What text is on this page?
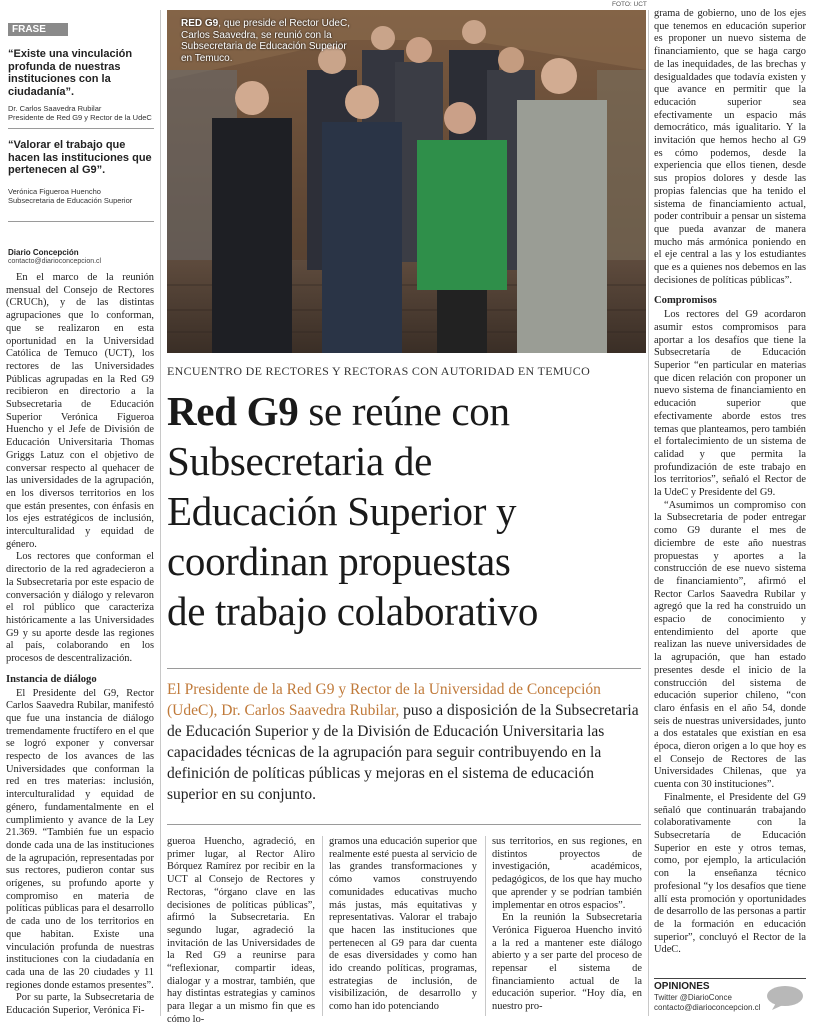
FRASE
“Existe una vinculación profunda de nuestras instituciones con la ciudadanía”.
Dr. Carlos Saavedra Rubilar
Presidente de Red G9 y Rector de la UdeC
“Valorar el trabajo que hacen las instituciones que pertenecen al G9”.
Verónica Figueroa Huencho
Subsecretaria de Educación Superior
Diario Concepción
contacto@diarioconcepcion.cl

En el marco de la reunión mensual del Consejo de Rectores (CRUCh), y de las distintas agrupaciones que lo conforman, que se realizaron en esta oportunidad en la Universidad Católica de Temuco (UCT), los rectores de las Universidades Públicas agrupadas en la Red G9 recibieron en directorio a la Subsecretaria de Educación Superior Verónica Figueroa Huencho y el Jefe de División de Educación Universitaria Thomas Griggs Latuz con el objetivo de conversar respecto al quehacer de las universidades de la agrupación, en los diversos territorios en los que están presentes, con énfasis en los ejes estratégicos de inclusión, interculturalidad y equidad de género.

Los rectores que conforman el directorio de la red agradecieron a la Subsecretaria por este espacio de conversación y diálogo y relevaron el rol público que caracteriza históricamente a las Universidades G9 y su aporte desde las regiones al país, colaborando en los procesos de descentralización.

Instancia de diálogo

El Presidente del G9, Rector Carlos Saavedra Rubilar, manifestó que fue una instancia de diálogo tremendamente fructífero en el que se logró exponer y conversar respecto de los avances de las Universidades que conforman la red en tres materias: inclusión, interculturalidad y equidad de género, fundamentalmente en el cumplimiento y avance de la Ley 21.369. “También fue un espacio donde cada una de las instituciones de la agrupación, representadas por sus rectores, pudieron contar sus orígenes, su profundo aporte y compromiso en materia de políticas públicas para el desarrollo de cada uno de los territorios en que habitan. Existe una vinculación profunda de nuestras instituciones con la ciudadanía en cada una de las 20 ciudades y 11 regiones donde estamos presentes”.

Por su parte, la Subsecretaria de Educación Superior, Verónica Fi-

RED G9, que preside el Rector UdeC, Carlos Saavedra, se reunió con la Subsecretaria de Educación Superior en Temuco.
FOTO: UCT
ENCUENTRO DE RECTORES Y RECTORAS CON AUTORIDAD EN TEMUCO
Red G9 se reúne con
Subsecretaria de
Educación Superior y
coordinan propuestas
de trabajo colaborativo
El Presidente de la Red G9 y Rector de la Universidad de Concepción (UdeC), Dr. Carlos Saavedra Rubilar, puso a disposición de la Subsecretaria de Educación Superior y de la División de Educación Universitaria las capacidades técnicas de la agrupación para seguir contribuyendo en la definición de políticas públicas y mejoras en el sistema de educación superior en su conjunto.

gueroa Huencho, agradeció, en primer lugar, al Rector Aliro Bórquez Ramírez por recibir en la UCT al Consejo de Rectores y Rectoras, “órgano clave en las decisiones de políticas públicas”, afirmó la Subsecretaria. En segundo lugar, agradeció la invitación de las Universidades de la Red G9 a reunirse para “reflexionar, compartir ideas, dialogar y a mostrar, también, que hay distintas estrategias y caminos para llegar a un mismo fin que es cómo lo-

gramos una educación superior que realmente esté puesta al servicio de las grandes transformaciones y cómo vamos construyendo comunidades educativas mucho más justas, más equitativas y representativas. Valorar el trabajo que hacen las instituciones que pertenecen al G9 para dar cuenta de esas diversidades y como han ido creando políticas, programas, estrategias de inclusión, de visibilización, de desarrollo y como han ido potenciando

sus territorios, en sus regiones, en distintos proyectos de investigación, académicos, pedagógicos, de los que hay mucho que aprender y se podrían también implementar en otros espacios”.

En la reunión la Subsecretaria Verónica Figueroa Huencho invitó a la red a mantener este diálogo abierto y a ser parte del proceso de repensar el sistema de financiamiento actual de la educación superior. “Hoy día, en nuestro pro-

grama de gobierno, uno de los ejes que tenemos en educación superior es proponer un nuevo sistema de financiamiento, que se haga cargo de las inequidades, de las brechas y desigualdades que todavía existen y que avance en permitir que la educación superior sea efectivamente un espacio más democrático, más igualitario. Y la invitación que hemos hecho al G9 es cómo podemos, desde la experiencia que ellos tienen, desde sus propios dolores y desde las propias falencias que ha tenido el sistema de financiamiento actual, poder contribuir a pensar un sistema que pueda avanzar de manera mucho más armónica poniendo en el eje central a las y los estudiantes que es a quienes nos debemos en las decisiones de políticas públicas”.

Compromisos

Los rectores del G9 acordaron asumir estos compromisos para aportar a los desafíos que tiene la Subsecretaría de Educación Superior “en particular en materias que dicen relación con proponer un nuevo sistema de financiamiento en educación superior que efectivamente aborde estos tres temas que planteamos, pero también el fortalecimiento de un sistema de calidad y que permita la profundización de este trabajo en los territorios”, señaló el Rector de la UdeC y Presidente del G9.

“Asumimos un compromiso con la Subsecretaria de poder entregar como G9 durante el mes de diciembre de este año nuestras propuestas y aportes a la construcción de ese nuevo sistema de financiamiento”, afirmó el Rector Carlos Saavedra Rubilar y agregó que la red ha construido un espacio de conocimiento y entendimiento del aporte que realizan las nueve universidades de la agrupación, que han estado presentes desde el inicio de la construcción del sistema de educación superior chileno, “con claro énfasis en el año 54, donde seis de nuestras universidades, junto a dos estatales que existían en esa época, dieron origen a lo que hoy es el Consejo de Rectores de las Universidades Chilenas, que ya cuenta con 30 instituciones”.

Finalmente, el Presidente del G9 señaló que continuarán trabajando colaborativamente con la Subsecretaría de Educación Superior en este y otros temas, como, por ejemplo, la articulación con la enseñanza técnico profesional “y los desafíos que tiene allí esta promoción y oportunidades de desarrollo de las personas a partir de la formación en educación superior”, concluyó el Rector de la UdeC.

OPINIONES
Twitter @DiarioConce
contacto@diarioconcepcion.cl
